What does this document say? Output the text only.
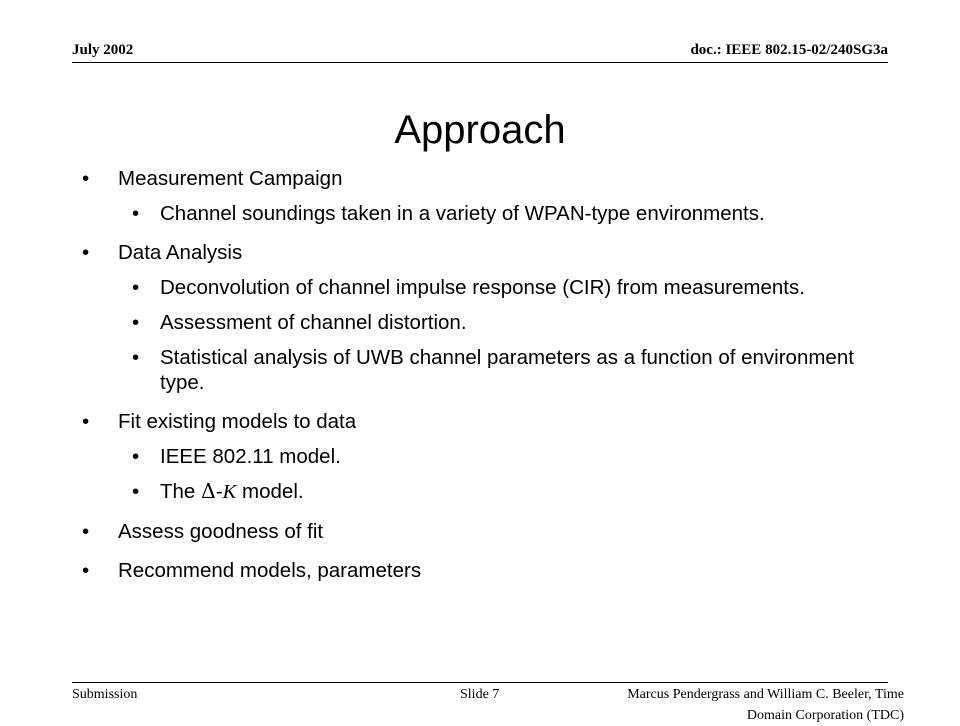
July 2002	doc.: IEEE 802.15-02/240SG3a
Approach
• Measurement Campaign
• Channel soundings taken in a variety of WPAN-type environments.
• Data Analysis
• Deconvolution of channel impulse response (CIR) from measurements.
• Assessment of channel distortion.
• Statistical analysis of UWB channel parameters as a function of environment type.
• Fit existing models to data
• IEEE 802.11 model.
• The Δ-K model.
• Assess goodness of fit
• Recommend models, parameters
Submission	Slide 7	Marcus Pendergrass and William C. Beeler, Time
Domain Corporation (TDC)
